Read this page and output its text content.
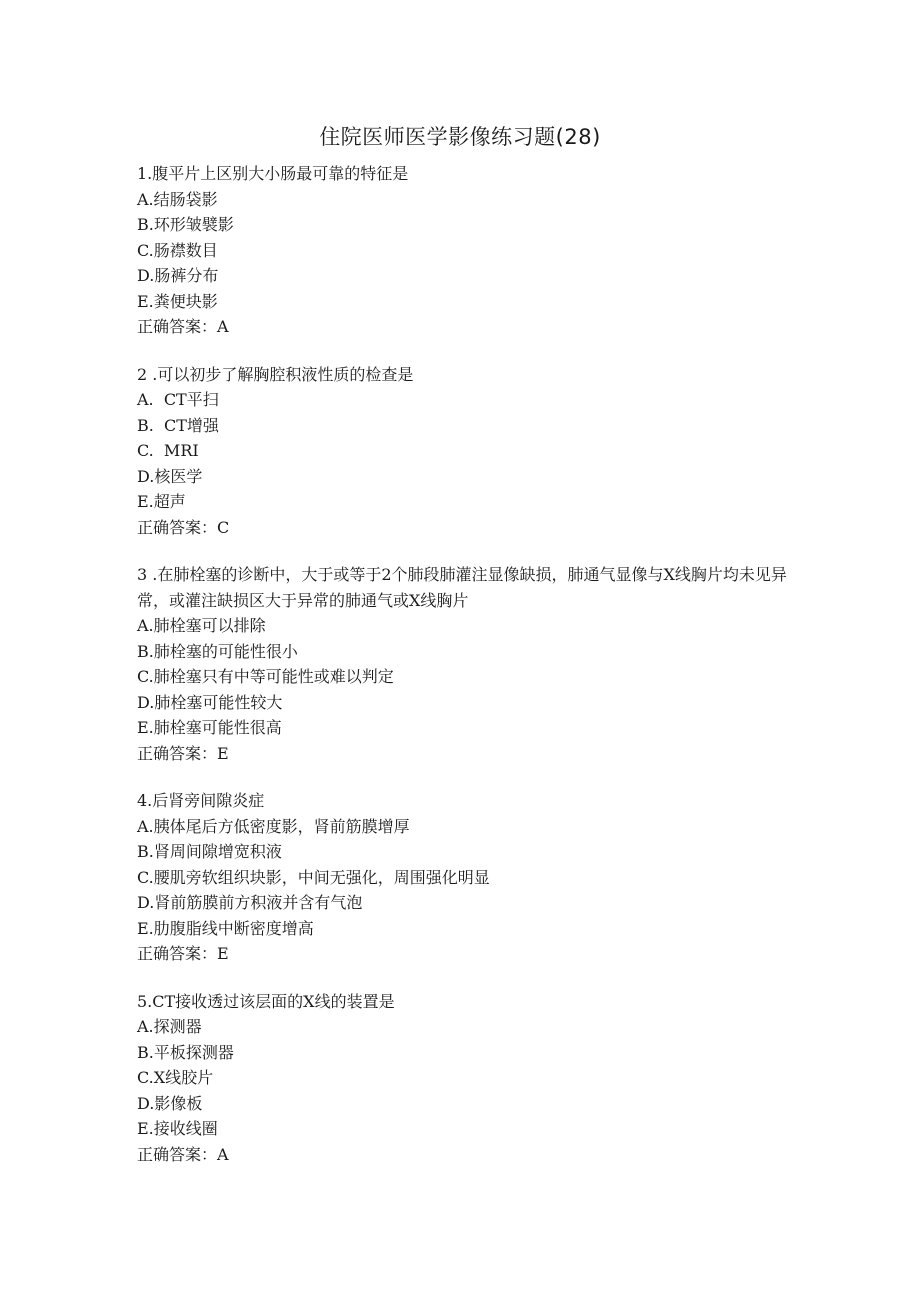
住院医师医学影像练习题(28)

1.腹平片上区别大小肠最可靠的特征是

A.结肠袋影

B.环形皱襞影

C.肠襟数目

D.肠裤分布

E.粪便块影

正确答案：A

2 .可以初步了解胸腔积液性质的检查是

A.  CT平扫

B.  CT增强

C.  MRI

D.核医学

E.超声

正确答案：C

3 .在肺栓塞的诊断中，大于或等于2个肺段肺灌注显像缺损，肺通气显像与X线胸片均未见异常，或灌注缺损区大于异常的肺通气或X线胸片

A.肺栓塞可以排除

B.肺栓塞的可能性很小

C.肺栓塞只有中等可能性或难以判定

D.肺栓塞可能性较大

E.肺栓塞可能性很高

正确答案：E

4.后肾旁间隙炎症

A.胰体尾后方低密度影，肾前筋膜增厚

B.肾周间隙增宽积液

C.腰肌旁软组织块影，中间无强化，周围强化明显

D.肾前筋膜前方积液并含有气泡

E.肋腹脂线中断密度增高

正确答案：E

5.CT接收透过该层面的X线的装置是

A.探测器

B.平板探测器

C.X线胶片

D.影像板

E.接收线圈

正确答案：A
